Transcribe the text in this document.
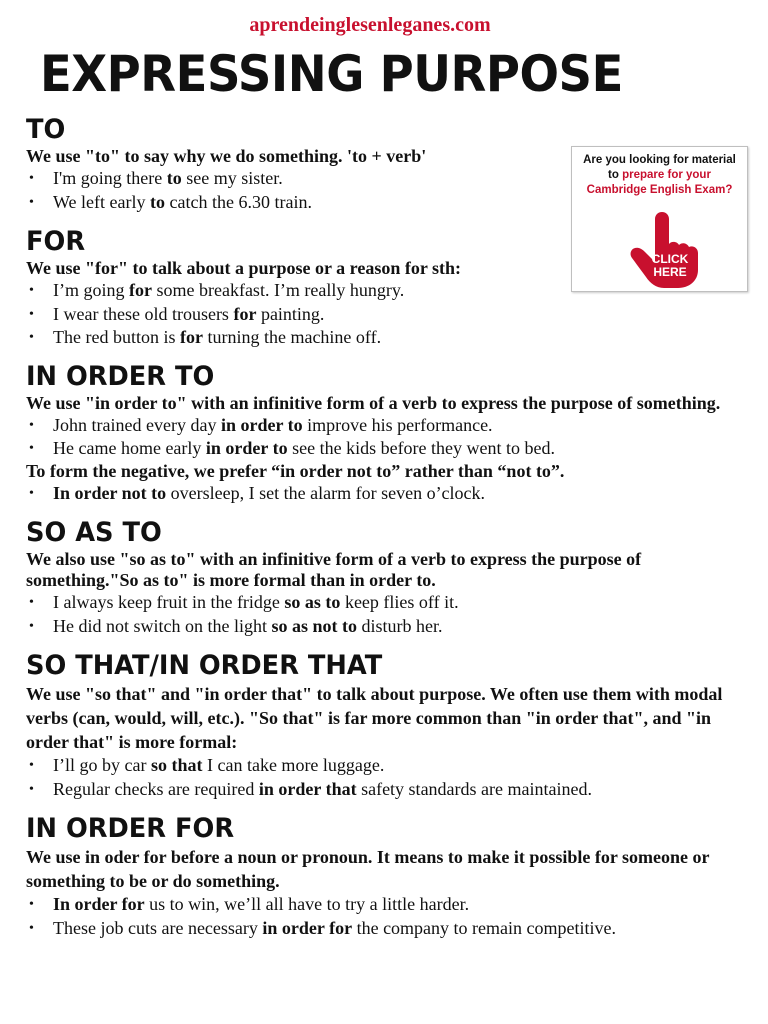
aprendeinglesenleganes.com
EXPRESSING PURPOSE
TO

We use "to" to say why we do something. 'to + verb'

• I'm going there to see my sister.
• We left early to catch the 6.30 train.
FOR

We use "for" to talk about a purpose or a reason for sth:

• I’m going for some breakfast. I’m really hungry.
• I wear these old trousers for painting.
• The red button is for turning the machine off.
IN ORDER TO

We use "in order to" with an infinitive form of a verb to express the purpose of something.

• John trained every day in order to improve his performance.
• He came home early in order to see the kids before they went to bed.

To form the negative, we prefer “in order not to” rather than “not to”.

• In order not to oversleep, I set the alarm for seven o’clock.
SO AS TO

We also use "so as to" with an infinitive form of a verb to express the purpose of something."So as to" is more formal than in order to.

• I always keep fruit in the fridge so as to keep flies off it.
• He did not switch on the light so as not to disturb her.
SO THAT/IN ORDER THAT

We use "so that" and "in order that" to talk about purpose. We often use them with modal verbs (can, would, will, etc.). "So that" is far more common than "in order that", and "in order that" is more formal:

• I’ll go by car so that I can take more luggage.
• Regular checks are required in order that safety standards are maintained.
IN ORDER FOR

We use in oder for before a noun or pronoun. It means to make it possible for someone or something to be or do something.

• In order for us to win, we’ll all have to try a little harder.
• These job cuts are necessary in order for the company to remain competitive.
Are you looking for material
to prepare for your
Cambridge English Exam?
CLICK HERE
